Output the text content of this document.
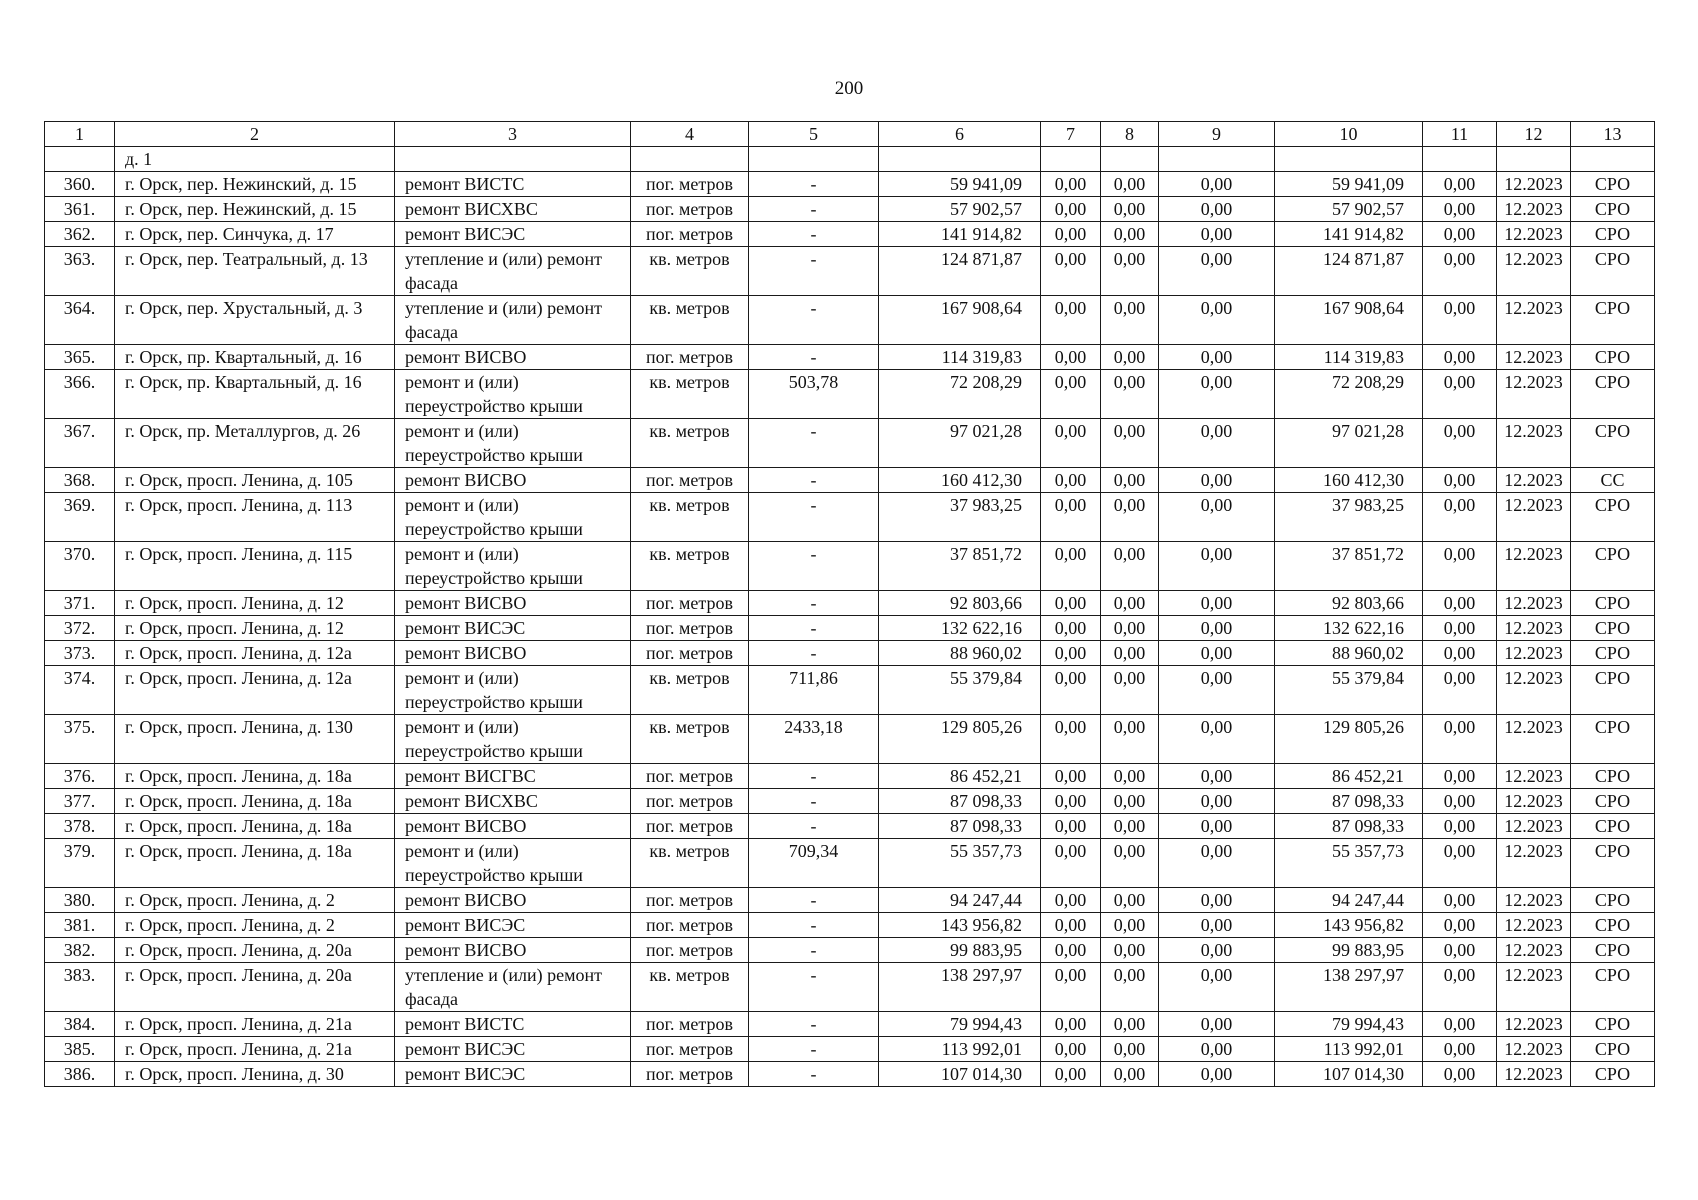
200
1	2	3	4	5	6	7	8	9	10	11	12	13
	д. 1											
360.	г. Орск, пер. Нежинский, д. 15	ремонт ВИСТС	пог. метров	-	59 941,09	0,00	0,00	0,00	59 941,09	0,00	12.2023	СРО
361.	г. Орск, пер. Нежинский, д. 15	ремонт ВИСХВС	пог. метров	-	57 902,57	0,00	0,00	0,00	57 902,57	0,00	12.2023	СРО
362.	г. Орск, пер. Синчука, д. 17	ремонт ВИСЭС	пог. метров	-	141 914,82	0,00	0,00	0,00	141 914,82	0,00	12.2023	СРО
363.	г. Орск, пер. Театральный, д. 13	утепление и (или) ремонт фасада	кв. метров	-	124 871,87	0,00	0,00	0,00	124 871,87	0,00	12.2023	СРО
364.	г. Орск, пер. Хрустальный, д. 3	утепление и (или) ремонт фасада	кв. метров	-	167 908,64	0,00	0,00	0,00	167 908,64	0,00	12.2023	СРО
365.	г. Орск, пр. Квартальный, д. 16	ремонт ВИСВО	пог. метров	-	114 319,83	0,00	0,00	0,00	114 319,83	0,00	12.2023	СРО
366.	г. Орск, пр. Квартальный, д. 16	ремонт и (или) переустройство крыши	кв. метров	503,78	72 208,29	0,00	0,00	0,00	72 208,29	0,00	12.2023	СРО
367.	г. Орск, пр. Металлургов, д. 26	ремонт и (или) переустройство крыши	кв. метров	-	97 021,28	0,00	0,00	0,00	97 021,28	0,00	12.2023	СРО
368.	г. Орск, просп. Ленина, д. 105	ремонт ВИСВО	пог. метров	-	160 412,30	0,00	0,00	0,00	160 412,30	0,00	12.2023	СС
369.	г. Орск, просп. Ленина, д. 113	ремонт и (или) переустройство крыши	кв. метров	-	37 983,25	0,00	0,00	0,00	37 983,25	0,00	12.2023	СРО
370.	г. Орск, просп. Ленина, д. 115	ремонт и (или) переустройство крыши	кв. метров	-	37 851,72	0,00	0,00	0,00	37 851,72	0,00	12.2023	СРО
371.	г. Орск, просп. Ленина, д. 12	ремонт ВИСВО	пог. метров	-	92 803,66	0,00	0,00	0,00	92 803,66	0,00	12.2023	СРО
372.	г. Орск, просп. Ленина, д. 12	ремонт ВИСЭС	пог. метров	-	132 622,16	0,00	0,00	0,00	132 622,16	0,00	12.2023	СРО
373.	г. Орск, просп. Ленина, д. 12а	ремонт ВИСВО	пог. метров	-	88 960,02	0,00	0,00	0,00	88 960,02	0,00	12.2023	СРО
374.	г. Орск, просп. Ленина, д. 12а	ремонт и (или) переустройство крыши	кв. метров	711,86	55 379,84	0,00	0,00	0,00	55 379,84	0,00	12.2023	СРО
375.	г. Орск, просп. Ленина, д. 130	ремонт и (или) переустройство крыши	кв. метров	2433,18	129 805,26	0,00	0,00	0,00	129 805,26	0,00	12.2023	СРО
376.	г. Орск, просп. Ленина, д. 18а	ремонт ВИСГВС	пог. метров	-	86 452,21	0,00	0,00	0,00	86 452,21	0,00	12.2023	СРО
377.	г. Орск, просп. Ленина, д. 18а	ремонт ВИСХВС	пог. метров	-	87 098,33	0,00	0,00	0,00	87 098,33	0,00	12.2023	СРО
378.	г. Орск, просп. Ленина, д. 18а	ремонт ВИСВО	пог. метров	-	87 098,33	0,00	0,00	0,00	87 098,33	0,00	12.2023	СРО
379.	г. Орск, просп. Ленина, д. 18а	ремонт и (или) переустройство крыши	кв. метров	709,34	55 357,73	0,00	0,00	0,00	55 357,73	0,00	12.2023	СРО
380.	г. Орск, просп. Ленина, д. 2	ремонт ВИСВО	пог. метров	-	94 247,44	0,00	0,00	0,00	94 247,44	0,00	12.2023	СРО
381.	г. Орск, просп. Ленина, д. 2	ремонт ВИСЭС	пог. метров	-	143 956,82	0,00	0,00	0,00	143 956,82	0,00	12.2023	СРО
382.	г. Орск, просп. Ленина, д. 20а	ремонт ВИСВО	пог. метров	-	99 883,95	0,00	0,00	0,00	99 883,95	0,00	12.2023	СРО
383.	г. Орск, просп. Ленина, д. 20а	утепление и (или) ремонт фасада	кв. метров	-	138 297,97	0,00	0,00	0,00	138 297,97	0,00	12.2023	СРО
384.	г. Орск, просп. Ленина, д. 21а	ремонт ВИСТС	пог. метров	-	79 994,43	0,00	0,00	0,00	79 994,43	0,00	12.2023	СРО
385.	г. Орск, просп. Ленина, д. 21а	ремонт ВИСЭС	пог. метров	-	113 992,01	0,00	0,00	0,00	113 992,01	0,00	12.2023	СРО
386.	г. Орск, просп. Ленина, д. 30	ремонт ВИСЭС	пог. метров	-	107 014,30	0,00	0,00	0,00	107 014,30	0,00	12.2023	СРО
